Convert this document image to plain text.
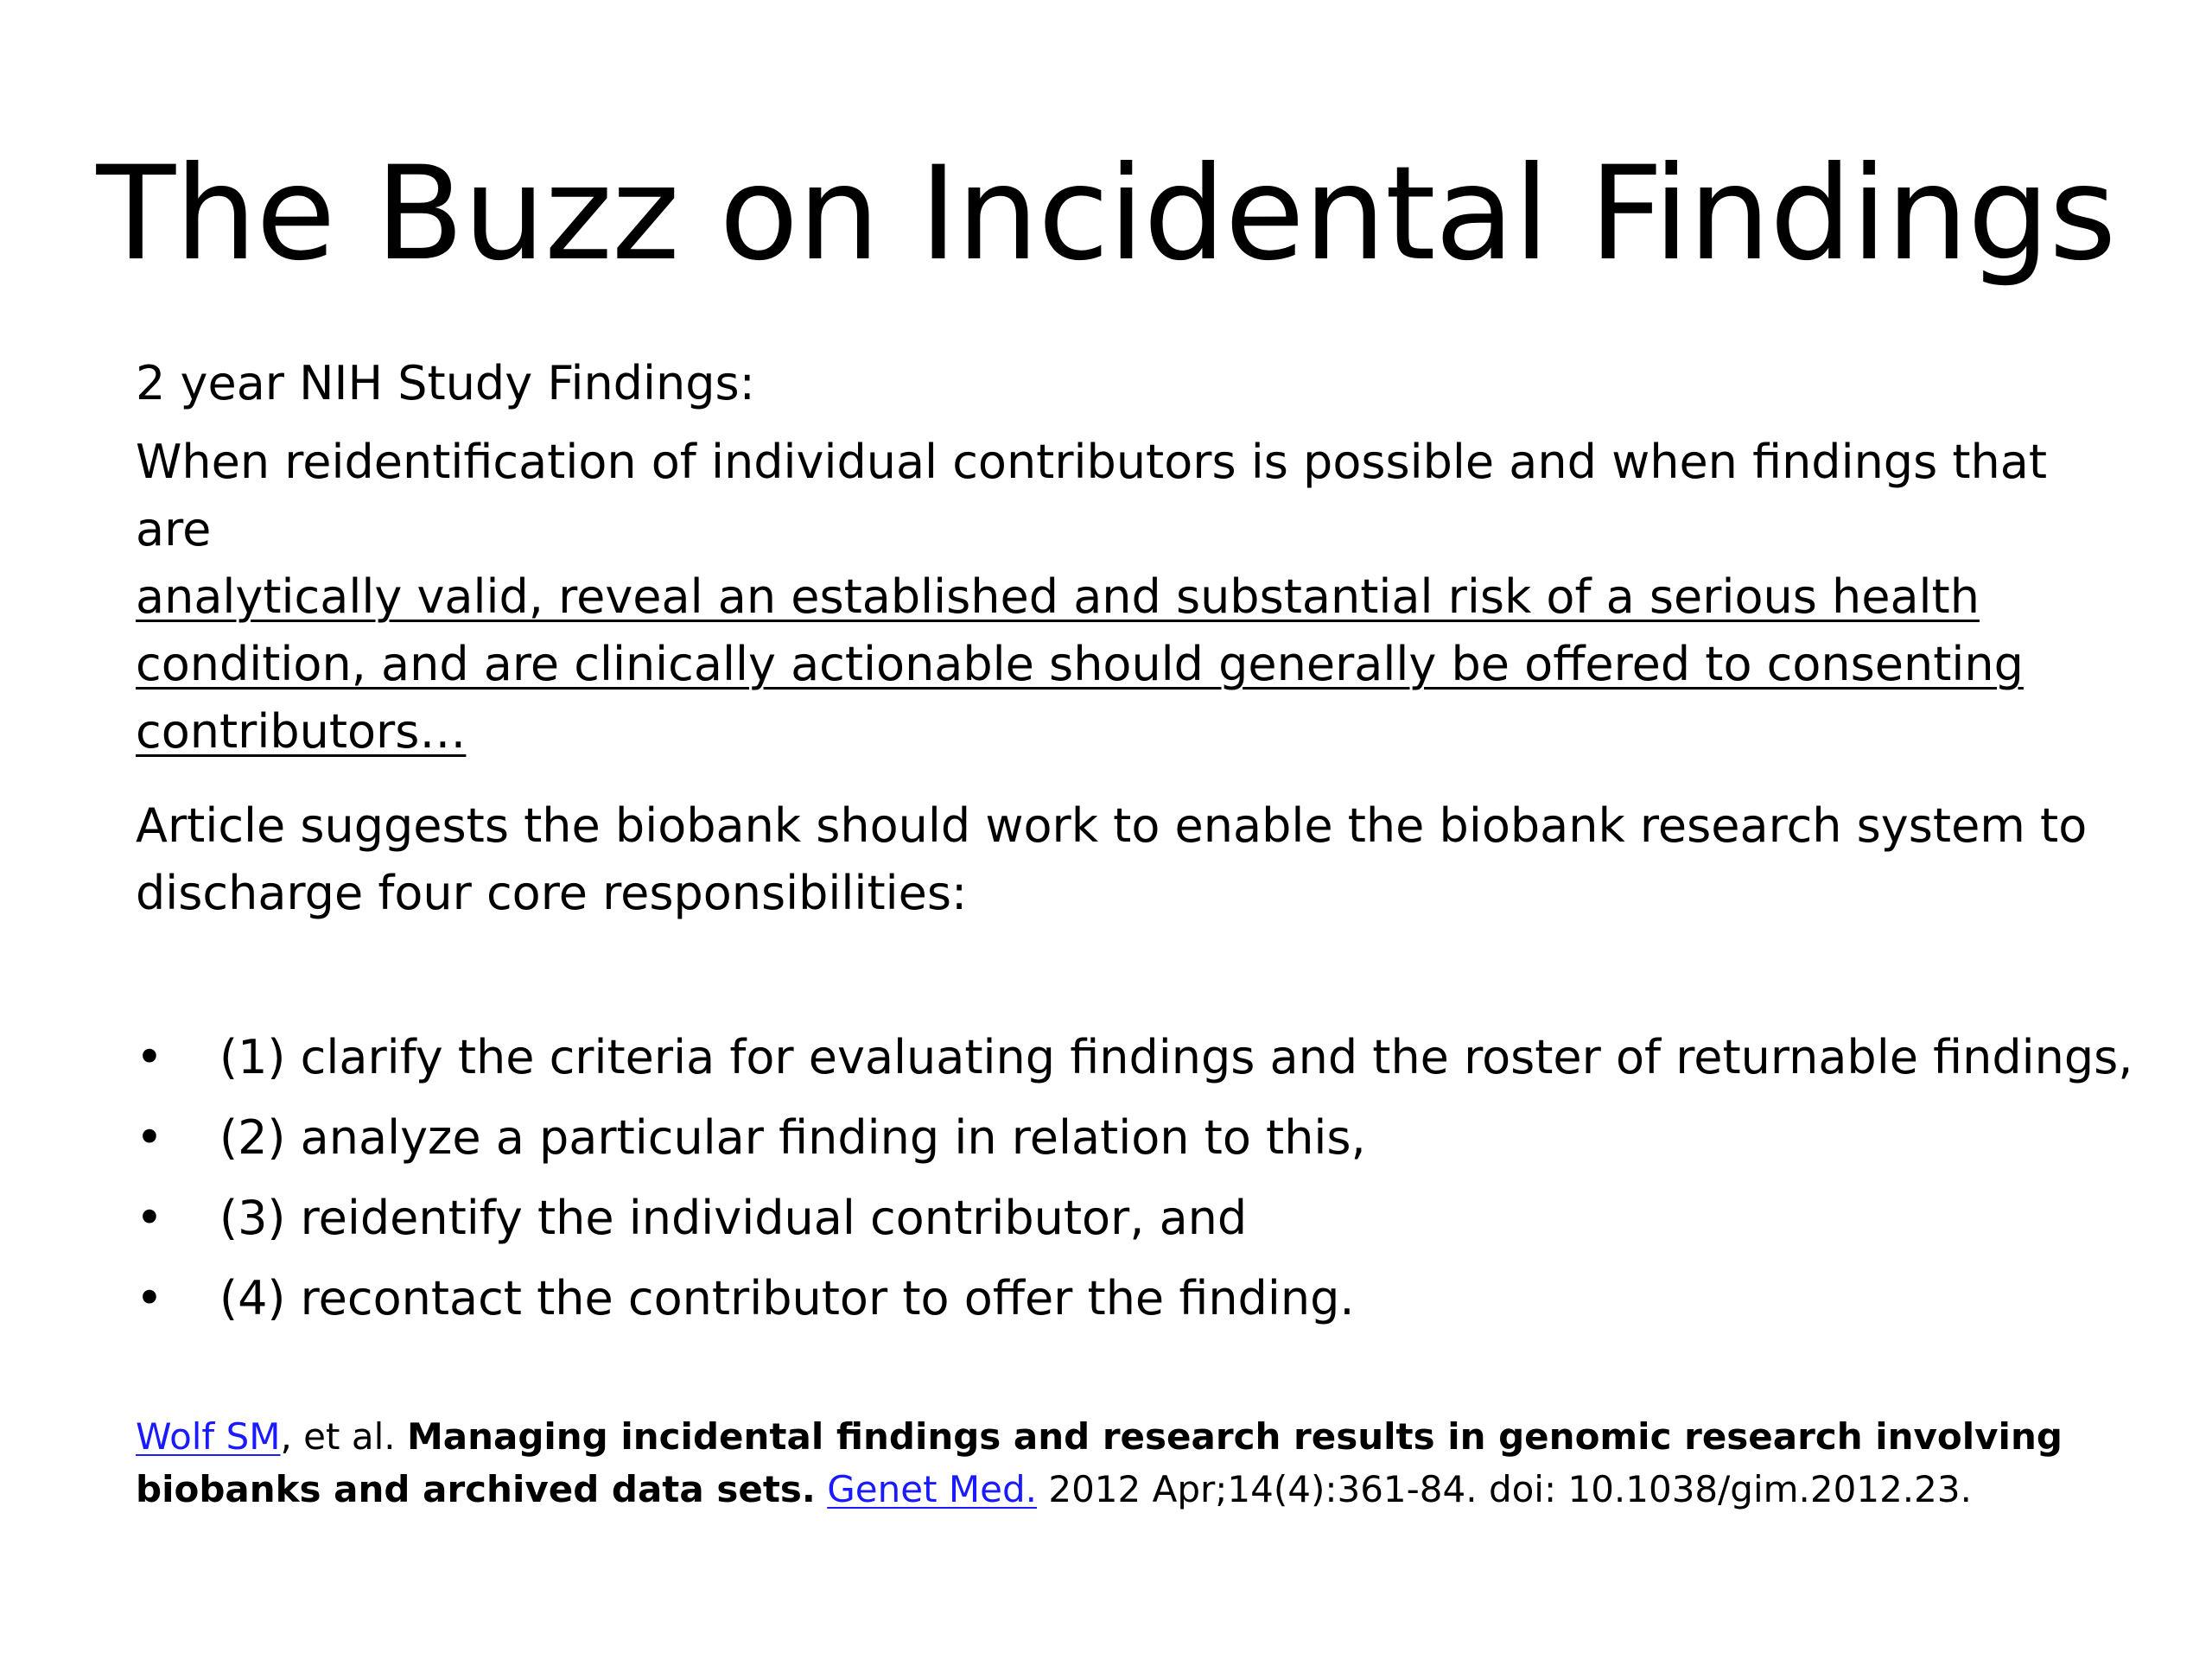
The Buzz on Incidental Findings
2 year NIH Study Findings:
When reidentification of individual contributors is possible and when findings that are
analytically valid, reveal an established and substantial risk of a serious health condition, and are clinically actionable should generally be offered to consenting contributors…
Article suggests the biobank should work to enable the biobank research system to discharge four core responsibilities:
• (1) clarify the criteria for evaluating findings and the roster of returnable findings,
• (2) analyze a particular finding in relation to this,
• (3) reidentify the individual contributor, and
• (4) recontact the contributor to offer the finding.
Wolf SM, et al. Managing incidental findings and research results in genomic research involving biobanks and archived data sets. Genet Med. 2012 Apr;14(4):361-84. doi: 10.1038/gim.2012.23.
